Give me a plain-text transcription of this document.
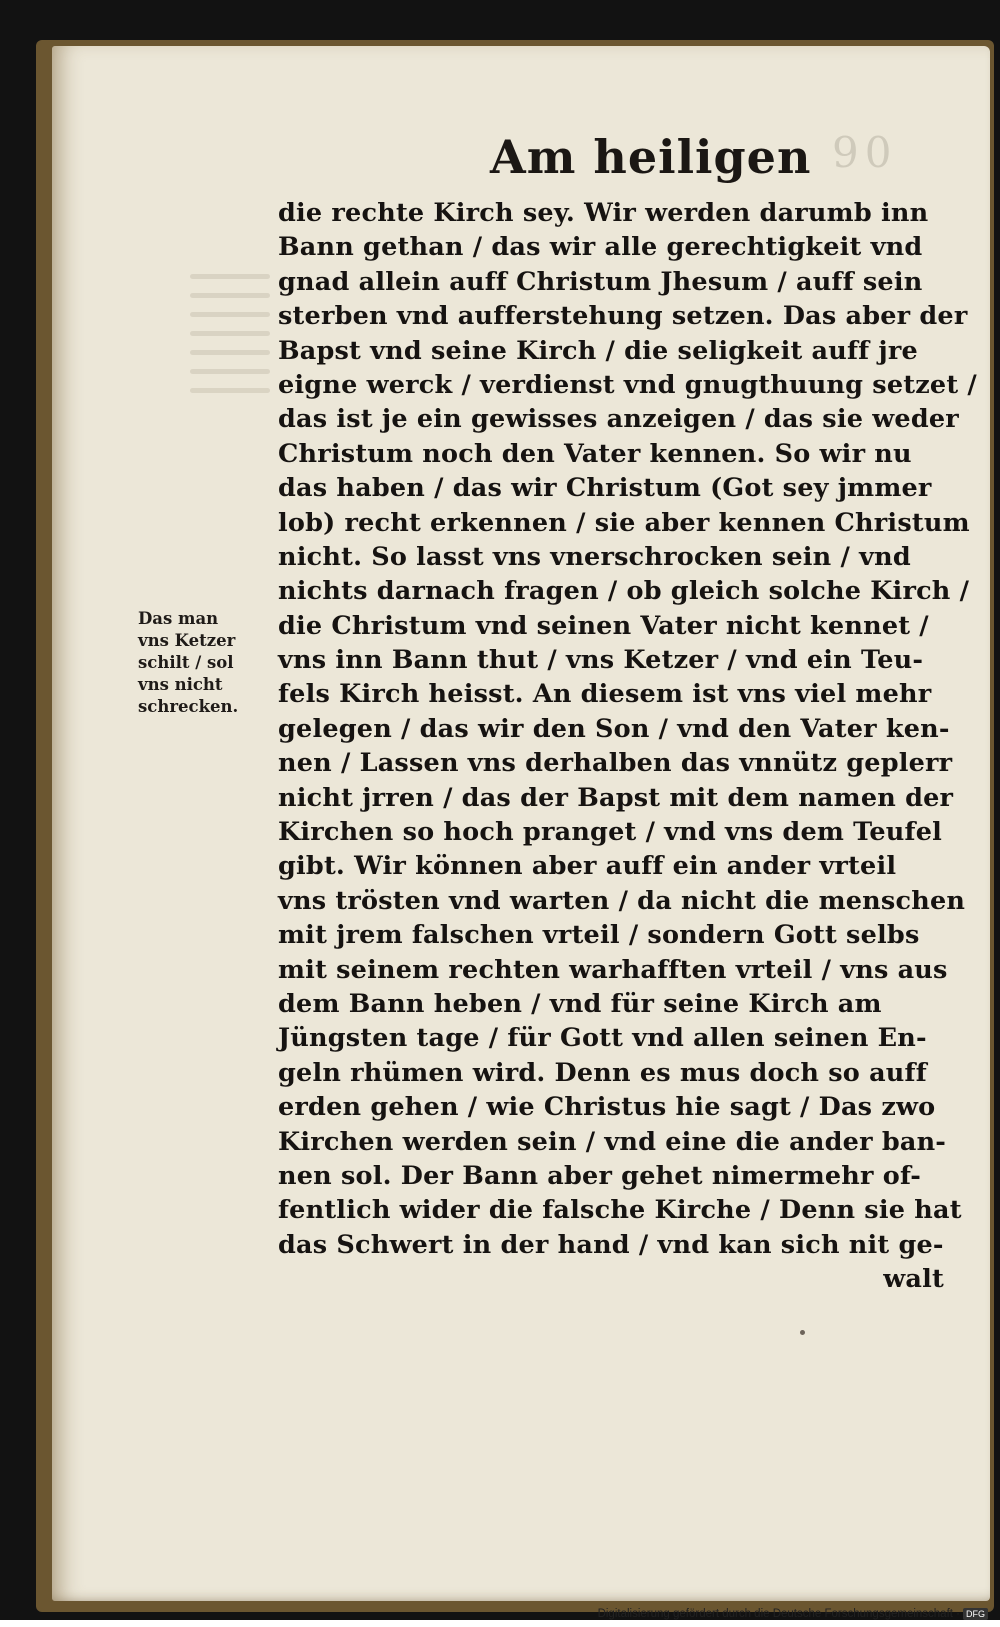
90
Am heiligen
die rechte Kirch sey. Wir werden darumb inn
Bann gethan / das wir alle gerechtigkeit vnd
gnad allein auff Christum Jhesum / auff sein
sterben vnd aufferstehung setzen. Das aber der
Bapst vnd seine Kirch / die seligkeit auff jre
eigne werck / verdienst vnd gnugthuung setzet /
das ist je ein gewisses anzeigen / das sie weder
Christum noch den Vater kennen. So wir nu
das haben / das wir Christum (Got sey jmmer
lob) recht erkennen / sie aber kennen Christum
nicht. So lasst vns vnerschrocken sein / vnd
nichts darnach fragen / ob gleich solche Kirch /
die Christum vnd seinen Vater nicht kennet /
vns inn Bann thut / vns Ketzer / vnd ein Teu-
fels Kirch heisst. An diesem ist vns viel mehr
gelegen / das wir den Son / vnd den Vater ken-
nen / Lassen vns derhalben das vnnütz geplerr
nicht jrren / das der Bapst mit dem namen der
Kirchen so hoch pranget / vnd vns dem Teufel
gibt. Wir können aber auff ein ander vrteil
vns trösten vnd warten / da nicht die menschen
mit jrem falschen vrteil / sondern Gott selbs
mit seinem rechten warhafften vrteil / vns aus
dem Bann heben / vnd für seine Kirch am
Jüngsten tage / für Gott vnd allen seinen En-
geln rhümen wird. Denn es mus doch so auff
erden gehen / wie Christus hie sagt / Das zwo
Kirchen werden sein / vnd eine die ander ban-
nen sol. Der Bann aber gehet nimermehr of-
fentlich wider die falsche Kirche / Denn sie hat
das Schwert in der hand / vnd kan sich nit ge-
walt
Das man
vns Ketzer
schilt / sol
vns nicht
schrecken.
Digitalisierung gefördert durch die Deutsche Forschungsgemeinschaft · DFG
